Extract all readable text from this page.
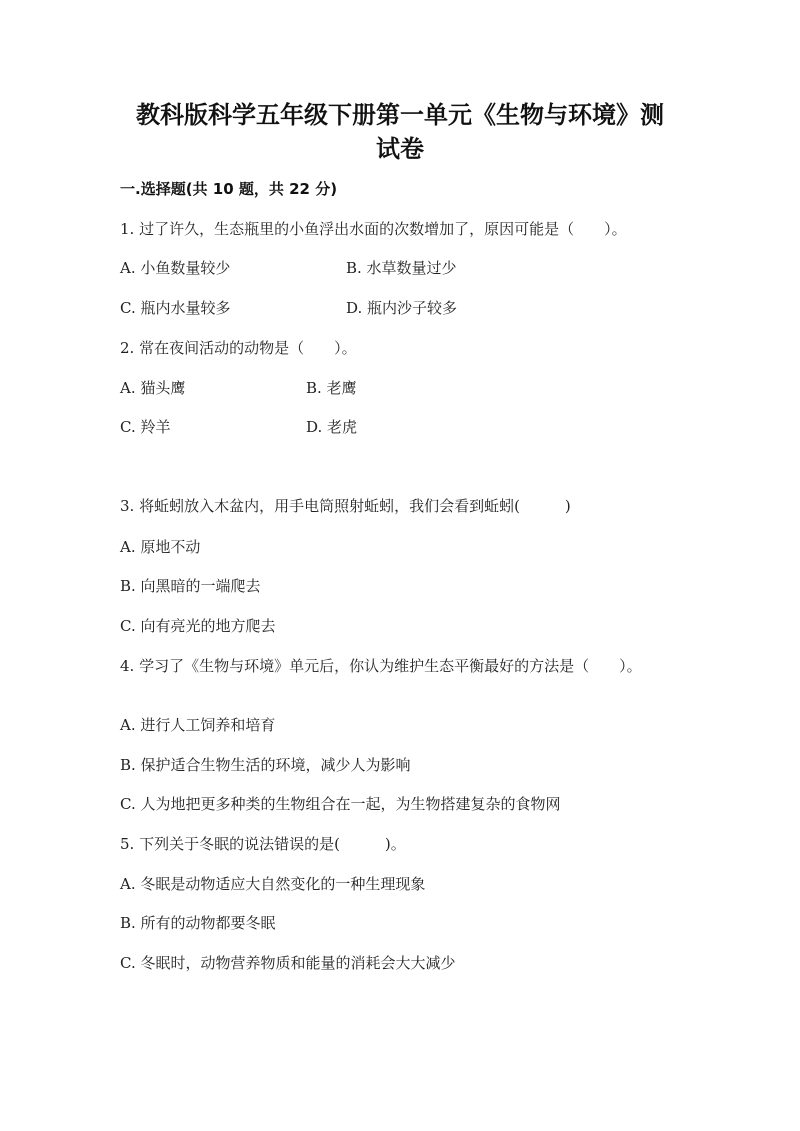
教科版科学五年级下册第一单元《生物与环境》测
试卷
一.选择题(共 10 题，共 22 分)
1. 过了许久，生态瓶里的小鱼浮出水面的次数增加了，原因可能是（　　）。
A. 小鱼数量较少	B. 水草数量过少
C. 瓶内水量较多	D. 瓶内沙子较多
2. 常在夜间活动的动物是（　　）。
A. 猫头鹰	B. 老鹰
C. 羚羊	D. 老虎
3. 将蚯蚓放入木盆内，用手电筒照射蚯蚓，我们会看到蚯蚓(　　　)
A. 原地不动
B. 向黑暗的一端爬去
C. 向有亮光的地方爬去
4. 学习了《生物与环境》单元后，你认为维护生态平衡最好的方法是（　　）。
A. 进行人工饲养和培育
B. 保护适合生物生活的环境，减少人为影响
C. 人为地把更多种类的生物组合在一起，为生物搭建复杂的食物网
5. 下列关于冬眠的说法错误的是(　　　)。
A. 冬眠是动物适应大自然变化的一种生理现象
B. 所有的动物都要冬眠
C. 冬眠时，动物营养物质和能量的消耗会大大减少
